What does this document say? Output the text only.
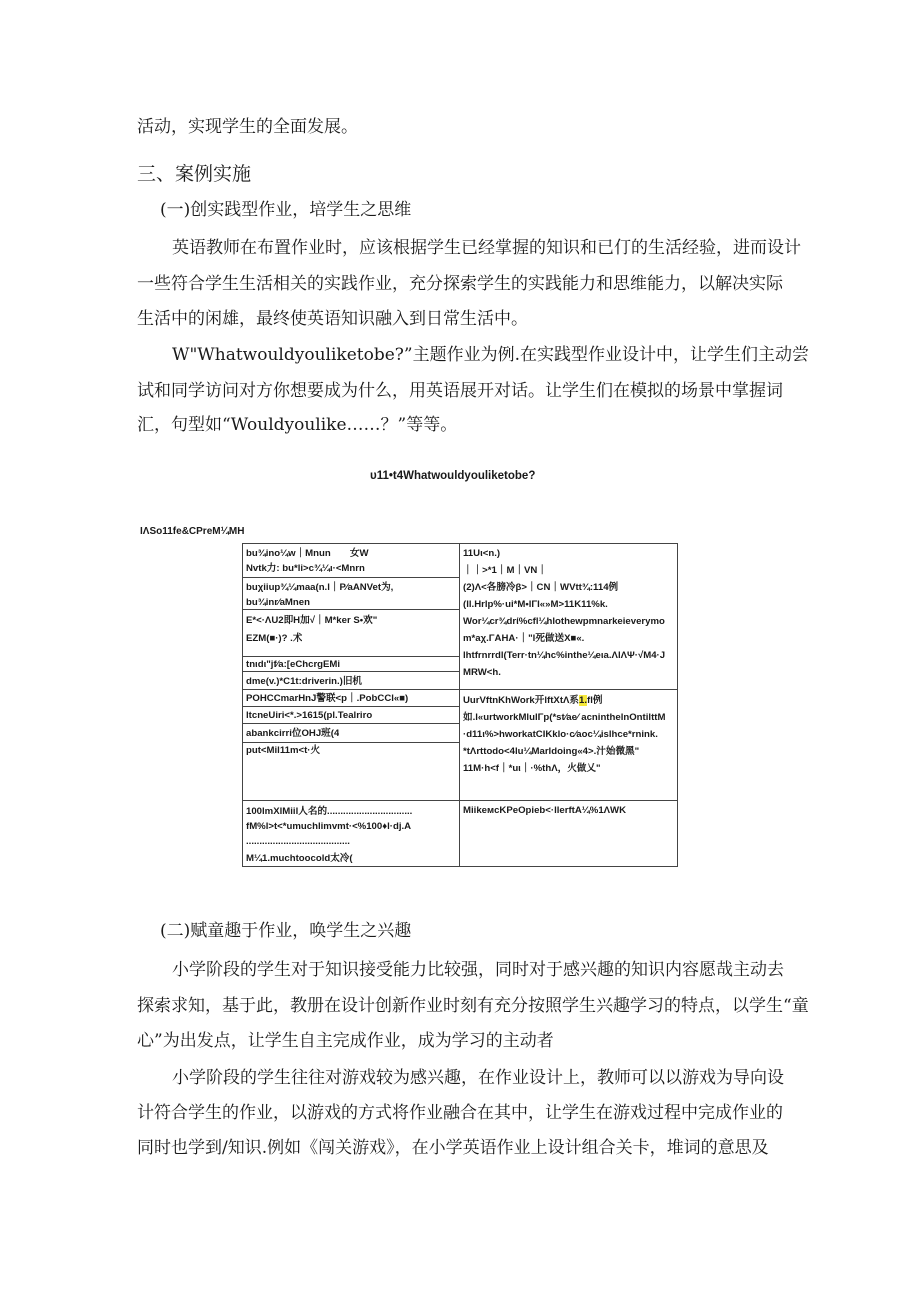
活动，实现学生的全面发展。
三、案例实施
(一)创实践型作业，培学生之思维
英语教师在布置作业时，应该根据学生已经掌握的知识和已仃的生活经验，进而设计
一些符合学生生活相关的实践作业，充分探索学生的实践能力和思维能力，以解决实际
生活中的闲雄，最终使英语知识融入到日常生活中。
W"Whatwouldyouliketobe?”主题作业为例.在实践型作业设计中，让学生们主动尝
试和同学访问对方你想要成为什么，用英语展开对话。让学生们在模拟的场景中掌握词
汇，句型如“Wouldyoulike……？”等等。
υ11•t4Whatwouldyouliketobe?
IΛSo11fe&CPreM¼MH
bu¾ino¼w｜Mnun　　女W
Nvtk力: bu*li>c¾¼ι·<Mnrn
buχiiup¾¼maa(n.l｜P⁄aANVet为,
bu¾inr⁄aMnen
E*<·ΛU2即H加√｜M*ker S•欢"
EZM(■·)? .术
tnιdι"jf⁄a:[eChcrgEMi
dme(v.)*C1t:driverin.)旧机
POHCCmarHnJ警联<p｜.PobCCl«■)
ltcneUiri<*.>1615(pl.Tealriro
abankcirri位OHJ班(4
put<Mil11m<t·火
100lmXlMiil人名的................................
fM%l>t<*umuchlimvmt·<%100♦l·dj.A
.......................................
M¼1.muchtoocold太冷(
11Uι<n.)
｜｜>*1｜M｜VN｜
(2)Λ<各膀冷β>｜CN｜WVtt¾:114例
(ll.Hrlp%·ui*M•lΓI«»M>11K11%k.
Wor¼cr¾drί%cfl¼hlothewpmnarkeieverymo
m*aχ.ΓAHA·｜"l死做送X■«.
lhtfrnrrdl(Terr·tn¼hc%inthe¼eιa.ΛlΛΨ·√M4·J
MRW<h.
UurVftnKhWork开lftXtΛ系1.fl例
如.l«urtworkMlulΓp(*st⁄ae⁄ acninthelnOntilttM
·d11ι%>hworkatCIKklo·c⁄aoc¼islhce*rnink.
*tΛrttodo<4lu¼Marldoing«4>.汁始微黑"
11M·h<f｜*uι｜·%thΛ，火做乂"
MiikeмcKPeOpieb<·llerftA¼%1ΛWK
(二)赋童趣于作业，唤学生之兴趣
小学阶段的学生对于知识接受能力比较强，同时对于感兴趣的知识内容愿哉主动去
探索求知，基于此，教册在设计创新作业时刻有充分按照学生兴趣学习的特点，以学生“童
心”为出发点，让学生自主完成作业，成为学习的主动者
小学阶段的学生往往对游戏较为感兴趣，在作业设计上，教师可以以游戏为导向设
计符合学生的作业，以游戏的方式将作业融合在其中，让学生在游戏过程中完成作业的
同时也学到/知识.例如《闯关游戏》，在小学英语作业上设计组合关卡，堆词的意思及
